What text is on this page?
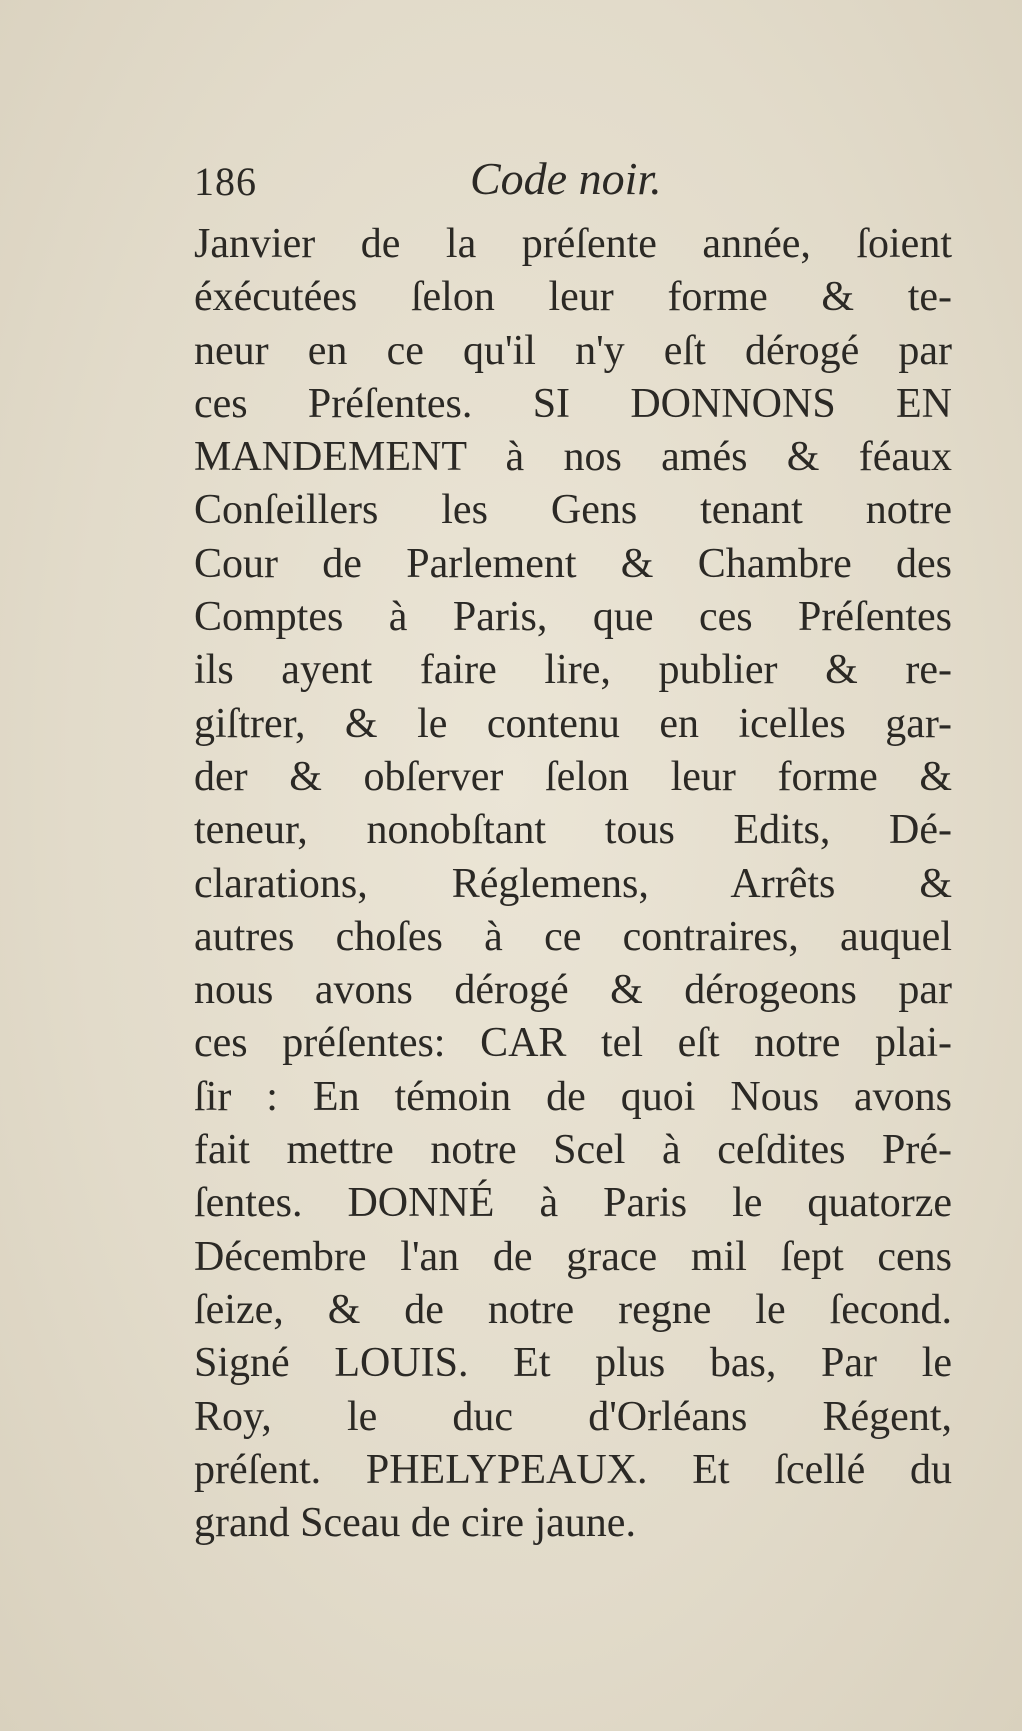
186	Code noir.
Janvier de la préſente année, ſoient
éxécutées ſelon leur forme & te-
neur en ce qu'il n'y eſt dérogé par
ces Préſentes. SI DONNONS EN
MANDEMENT à nos amés & féaux
Conſeillers les Gens tenant notre
Cour de Parlement & Chambre des
Comptes à Paris, que ces Préſentes
ils ayent faire lire, publier & re-
giſtrer, & le contenu en icelles gar-
der & obſerver ſelon leur forme &
teneur, nonobſtant tous Edits, Dé-
clarations, Réglemens, Arrêts &
autres choſes à ce contraires, auquel
nous avons dérogé & dérogeons par
ces préſentes: CAR tel eſt notre plai-
ſir : En témoin de quoi Nous avons
fait mettre notre Scel à ceſdites Pré-
ſentes. DONNÉ à Paris le quatorze
Décembre l'an de grace mil ſept cens
ſeize, & de notre regne le ſecond.
Signé LOUIS. Et plus bas, Par le
Roy, le duc d'Orléans Régent,
préſent. PHELYPEAUX. Et ſcellé du
grand Sceau de cire jaune.
